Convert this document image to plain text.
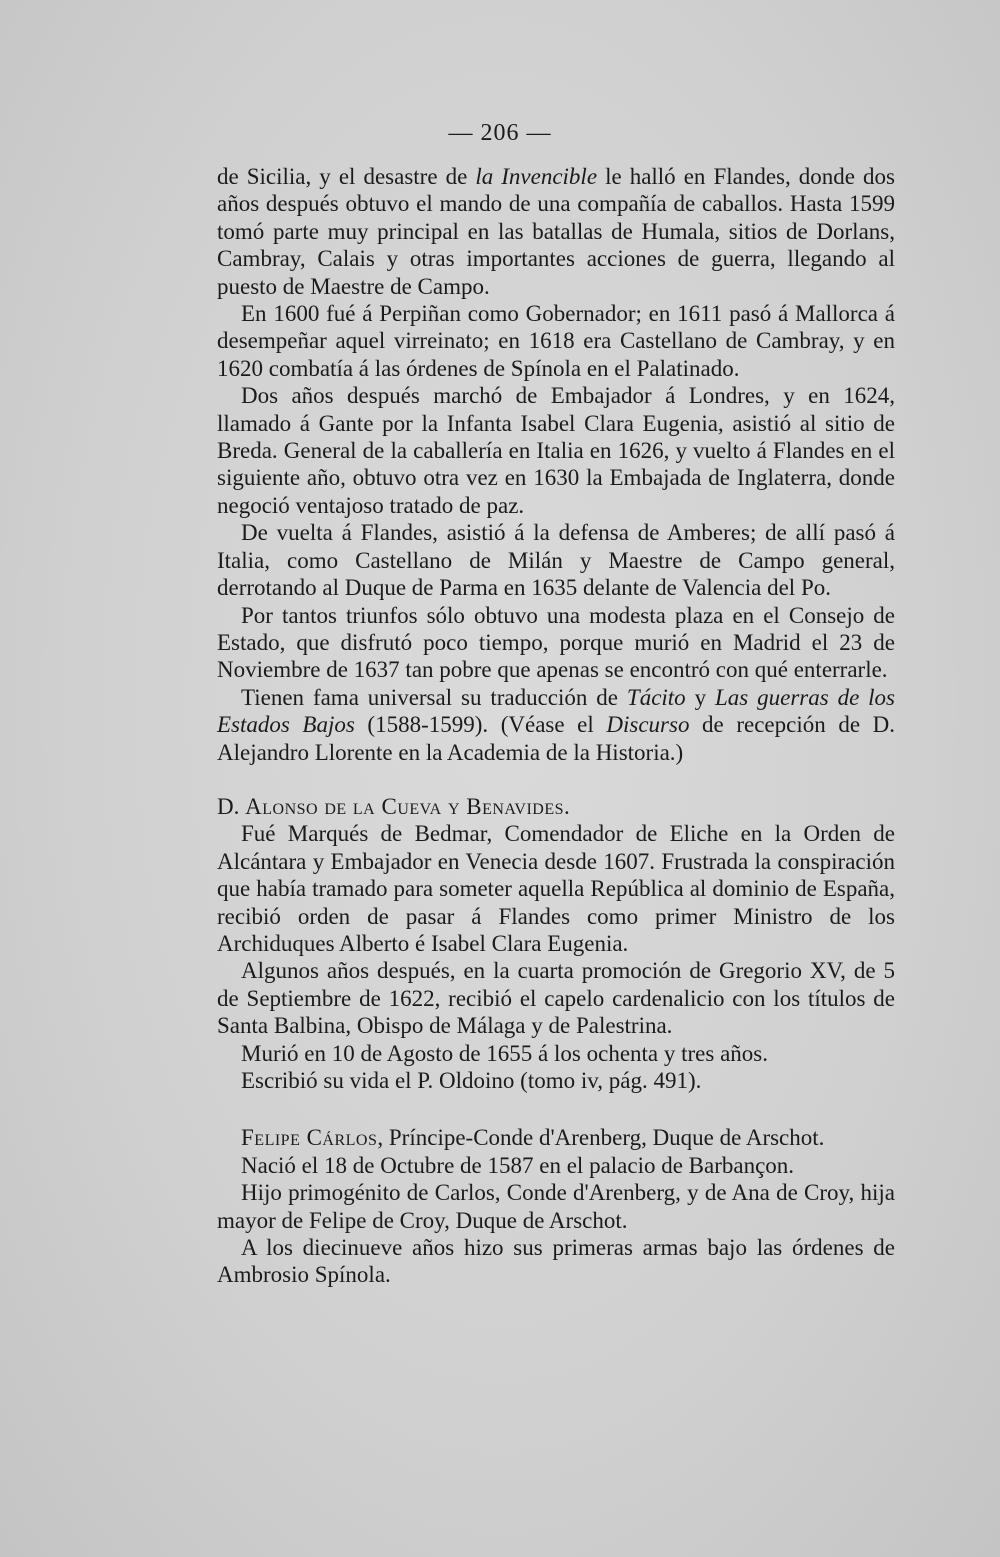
— 206 —

de Sicilia, y el desastre de la Invencible le halló en Flandes, donde dos años después obtuvo el mando de una compañía de caballos. Hasta 1599 tomó parte muy principal en las batallas de Humala, sitios de Dorlans, Cambray, Calais y otras importantes acciones de guerra, llegando al puesto de Maestre de Campo.

En 1600 fué á Perpiñan como Gobernador; en 1611 pasó á Mallorca á desempeñar aquel virreinato; en 1618 era Castellano de Cambray, y en 1620 combatía á las órdenes de Spínola en el Palatinado.

Dos años después marchó de Embajador á Londres, y en 1624, llamado á Gante por la Infanta Isabel Clara Eugenia, asistió al sitio de Breda. General de la caballería en Italia en 1626, y vuelto á Flandes en el siguiente año, obtuvo otra vez en 1630 la Embajada de Inglaterra, donde negoció ventajoso tratado de paz.

De vuelta á Flandes, asistió á la defensa de Amberes; de allí pasó á Italia, como Castellano de Milán y Maestre de Campo general, derrotando al Duque de Parma en 1635 delante de Valencia del Po.

Por tantos triunfos sólo obtuvo una modesta plaza en el Consejo de Estado, que disfrutó poco tiempo, porque murió en Madrid el 23 de Noviembre de 1637 tan pobre que apenas se encontró con qué enterrarle.

Tienen fama universal su traducción de Tácito y Las guerras de los Estados Bajos (1588-1599). (Véase el Discurso de recepción de D. Alejandro Llorente en la Academia de la Historia.)

D. Alonso de la Cueva y Benavides.

Fué Marqués de Bedmar, Comendador de Eliche en la Orden de Alcántara y Embajador en Venecia desde 1607. Frustrada la conspiración que había tramado para someter aquella República al dominio de España, recibió orden de pasar á Flandes como primer Ministro de los Archiduques Alberto é Isabel Clara Eugenia.

Algunos años después, en la cuarta promoción de Gregorio XV, de 5 de Septiembre de 1622, recibió el capelo cardenalicio con los títulos de Santa Balbina, Obispo de Málaga y de Palestrina.

Murió en 10 de Agosto de 1655 á los ochenta y tres años.

Escribió su vida el P. Oldoino (tomo iv, pág. 491).

Felipe Cárlos, Príncipe-Conde d'Arenberg, Duque de Arschot.

Nació el 18 de Octubre de 1587 en el palacio de Barbançon.

Hijo primogénito de Carlos, Conde d'Arenberg, y de Ana de Croy, hija mayor de Felipe de Croy, Duque de Arschot.

A los diecinueve años hizo sus primeras armas bajo las órdenes de Ambrosio Spínola.
